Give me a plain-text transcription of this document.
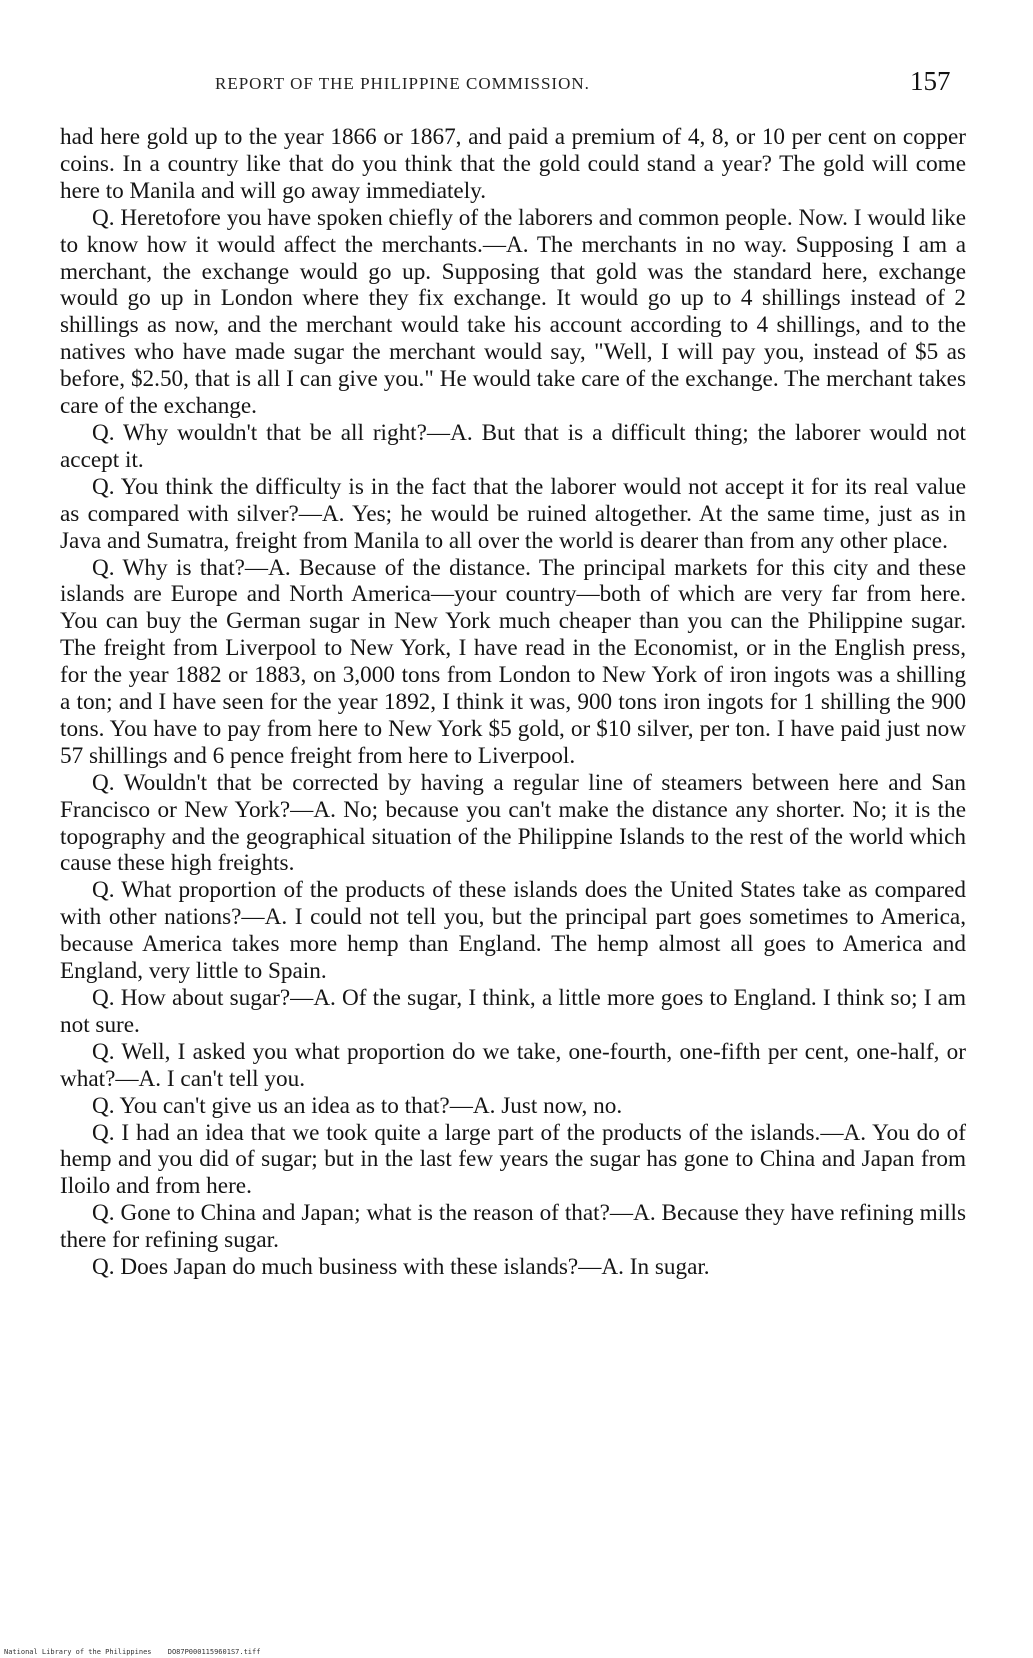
REPORT OF THE PHILIPPINE COMMISSION.	157

had here gold up to the year 1866 or 1867, and paid a premium of 4, 8, or 10 per cent on copper coins. In a country like that do you think that the gold could stand a year? The gold will come here to Manila and will go away immediately.

Q. Heretofore you have spoken chiefly of the laborers and common people. Now. I would like to know how it would affect the merchants.—A. The merchants in no way. Supposing I am a merchant, the exchange would go up. Supposing that gold was the standard here, exchange would go up in London where they fix exchange. It would go up to 4 shillings instead of 2 shillings as now, and the merchant would take his account according to 4 shillings, and to the natives who have made sugar the merchant would say, "Well, I will pay you, instead of $5 as before, $2.50, that is all I can give you." He would take care of the exchange. The merchant takes care of the exchange.

Q. Why wouldn't that be all right?—A. But that is a difficult thing; the laborer would not accept it.

Q. You think the difficulty is in the fact that the laborer would not accept it for its real value as compared with silver?—A. Yes; he would be ruined altogether. At the same time, just as in Java and Sumatra, freight from Manila to all over the world is dearer than from any other place.

Q. Why is that?—A. Because of the distance. The principal markets for this city and these islands are Europe and North America—your country—both of which are very far from here. You can buy the German sugar in New York much cheaper than you can the Philippine sugar. The freight from Liverpool to New York, I have read in the Economist, or in the English press, for the year 1882 or 1883, on 3,000 tons from London to New York of iron ingots was a shilling a ton; and I have seen for the year 1892, I think it was, 900 tons iron ingots for 1 shilling the 900 tons. You have to pay from here to New York $5 gold, or $10 silver, per ton. I have paid just now 57 shillings and 6 pence freight from here to Liverpool.

Q. Wouldn't that be corrected by having a regular line of steamers between here and San Francisco or New York?—A. No; because you can't make the distance any shorter. No; it is the topography and the geographical situation of the Philippine Islands to the rest of the world which cause these high freights.

Q. What proportion of the products of these islands does the United States take as compared with other nations?—A. I could not tell you, but the principal part goes sometimes to America, because America takes more hemp than England. The hemp almost all goes to America and England, very little to Spain.

Q. How about sugar?—A. Of the sugar, I think, a little more goes to England. I think so; I am not sure.

Q. Well, I asked you what proportion do we take, one-fourth, one-fifth per cent, one-half, or what?—A. I can't tell you.

Q. You can't give us an idea as to that?—A. Just now, no.

Q. I had an idea that we took quite a large part of the products of the islands.—A. You do of hemp and you did of sugar; but in the last few years the sugar has gone to China and Japan from Iloilo and from here.

Q. Gone to China and Japan; what is the reason of that?—A. Because they have refining mills there for refining sugar.

Q. Does Japan do much business with these islands?—A. In sugar.

National Library of the Philippines DO87P0001159601S7.tiff
